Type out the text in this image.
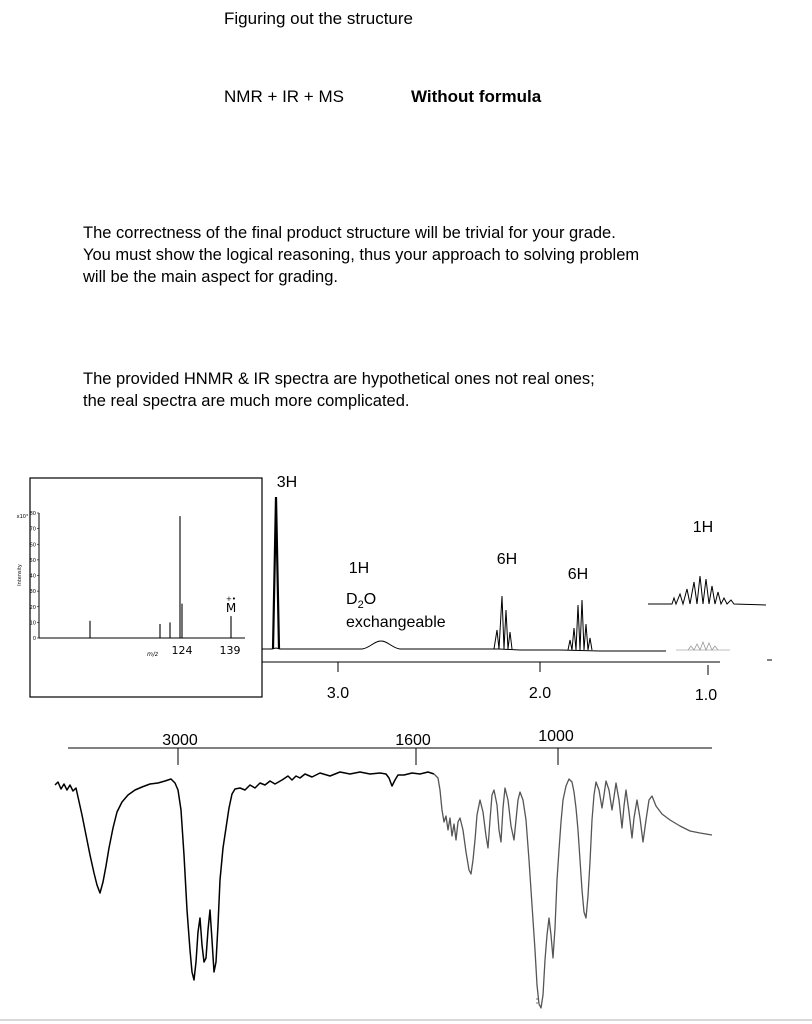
Figuring out the structure
NMR + IR + MS	Without formula
The correctness of the final product structure will be trivial for your grade.
You must show the logical reasoning, thus your approach to solving problem
will be the main aspect for grading.
The provided HNMR & IR spectra are hypothetical ones not real ones;
the real spectra are much more complicated.
x10³
Intensity
80
70
60
50
40
30
20
10
0
m/z 124 139
+•
M
3.0	2.0	1.0
3H
1H
$D_2O$
exchangeable
6H
6H
1H
3000	1600	1000
